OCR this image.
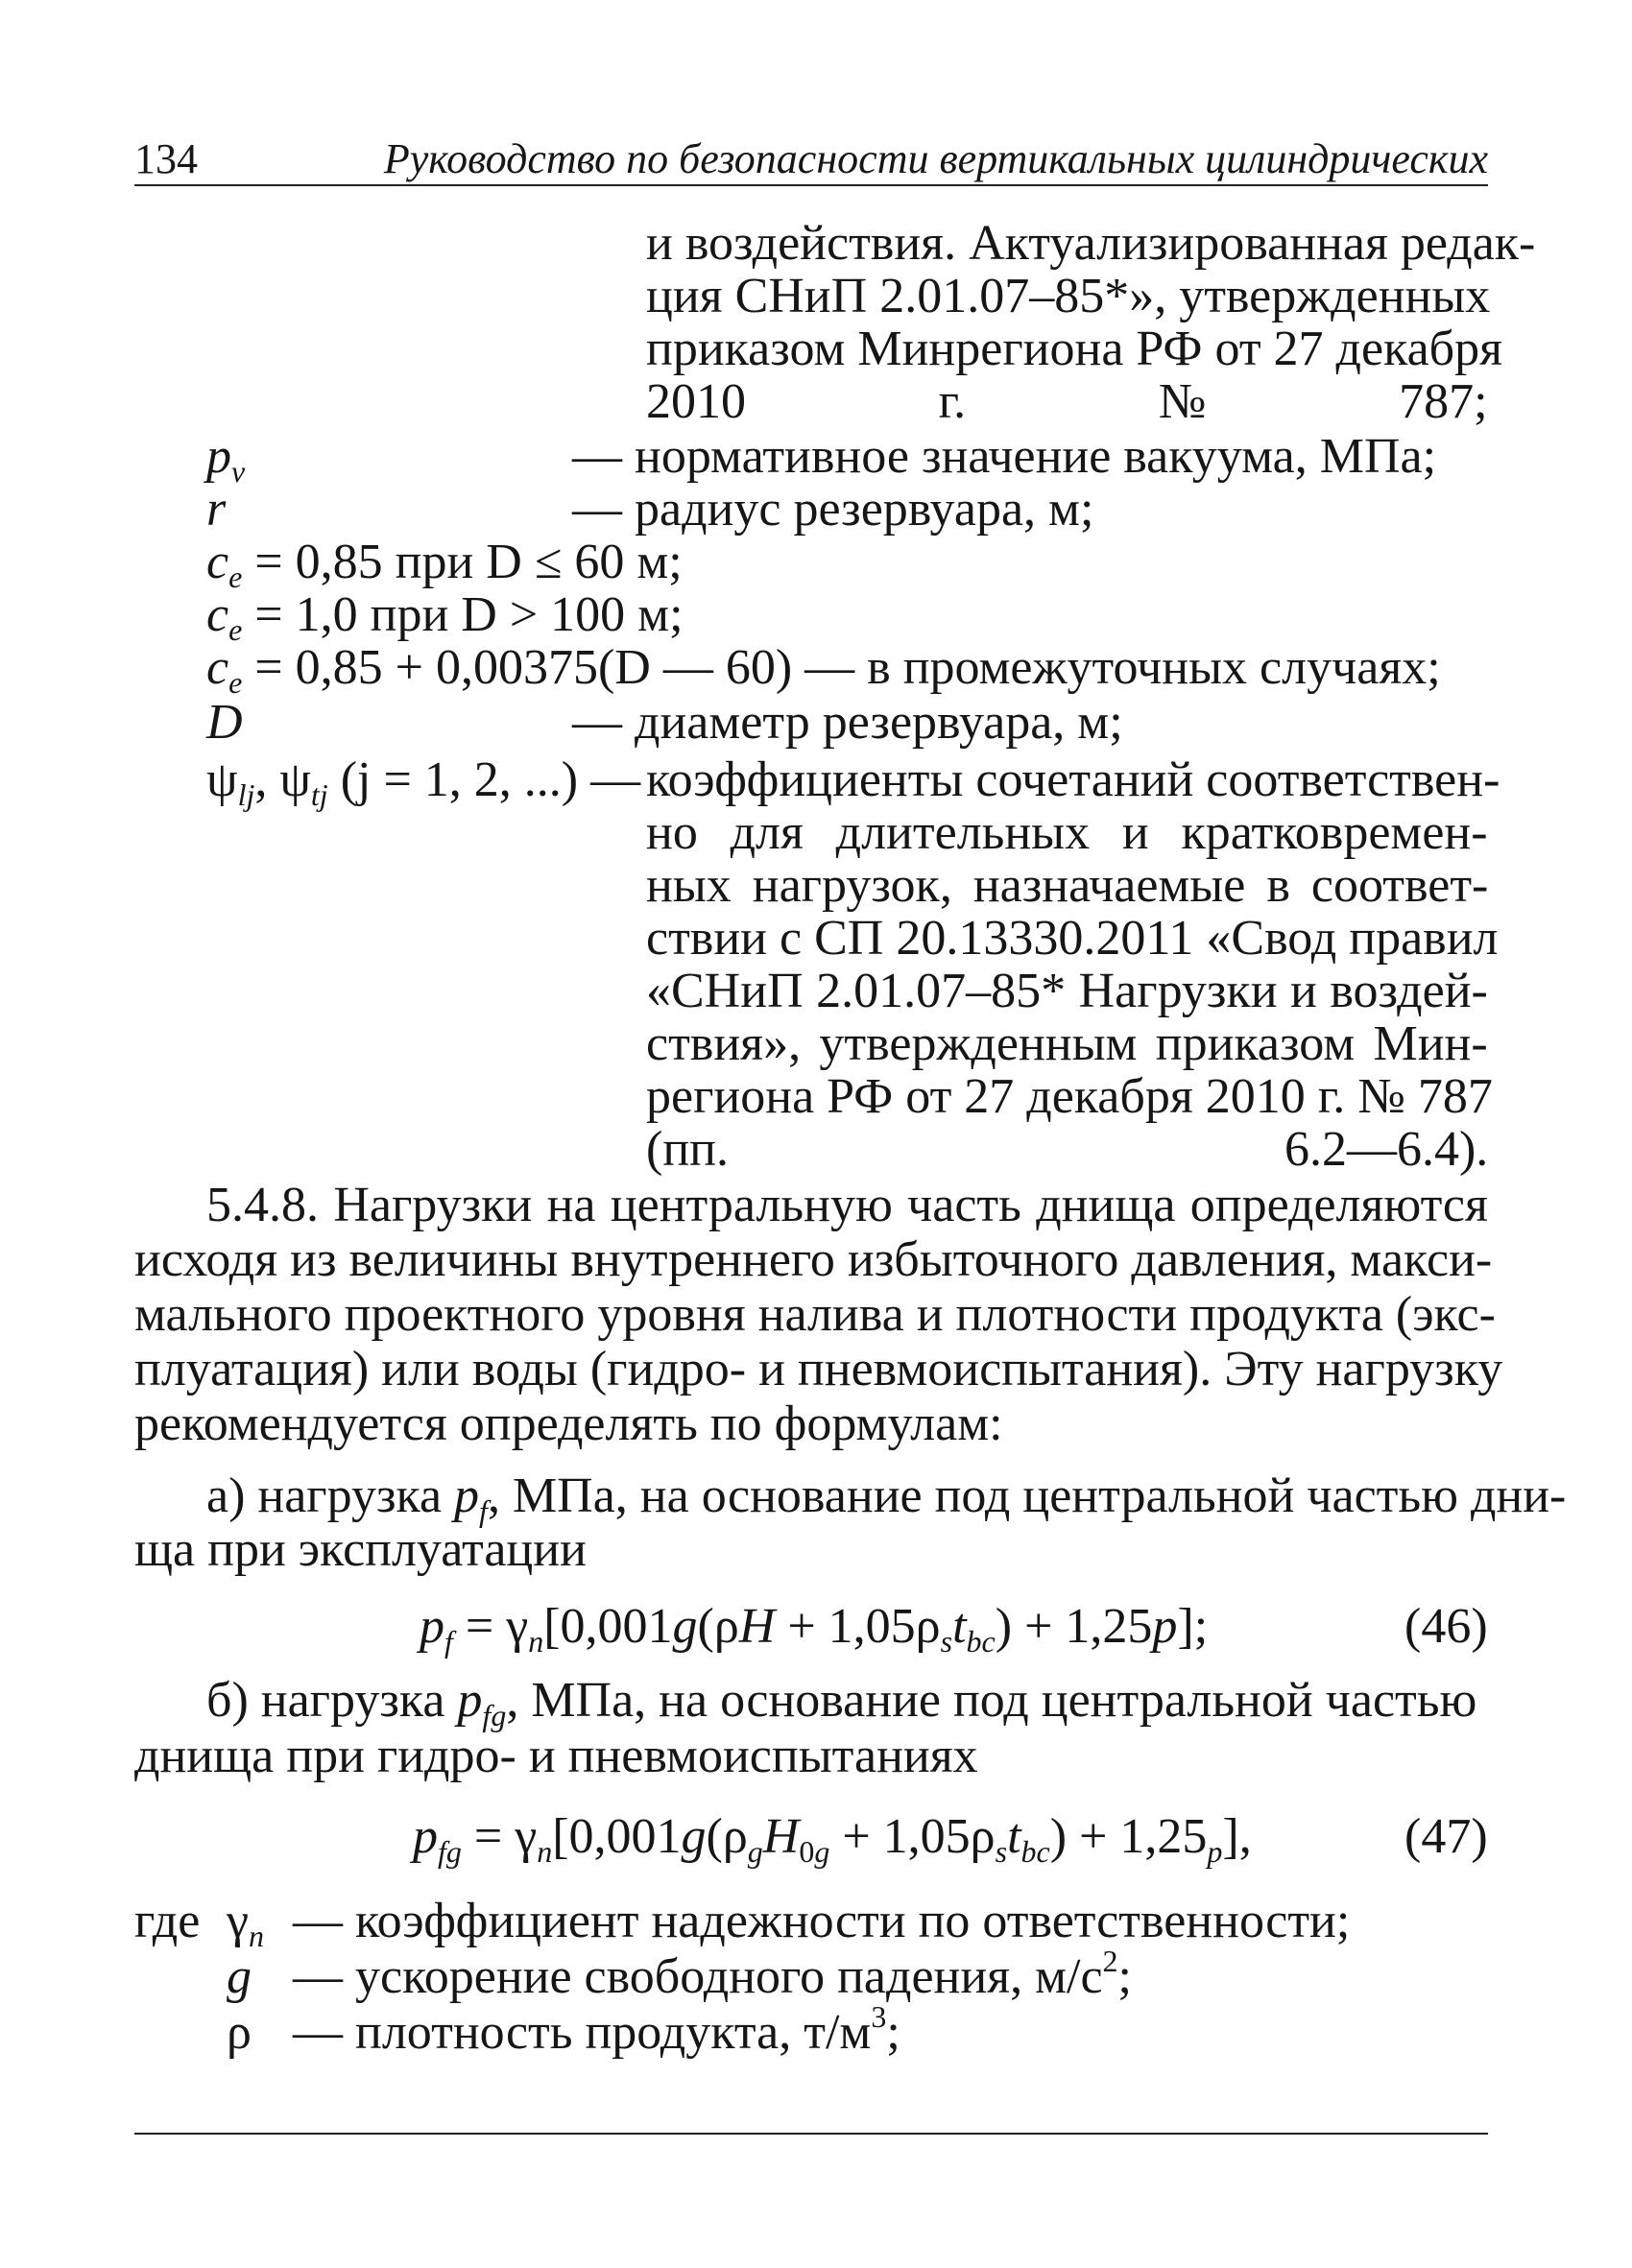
134	Руководство по безопасности вертикальных цилиндрических
и воздействия. Актуализированная редак-
ция СНиП 2.01.07–85*», утвержденных
приказом Минрегиона РФ от 27 декабря
2010 г. № 787;
$p_v$	— нормативное значение вакуума, МПа;
r	— радиус резервуара, м;
$c_e = 0,85$ при D ≤ 60 м;
$c_e = 1,0$ при D > 100 м;
$c_e = 0,85 + 0,00375(D$ — 60) — в промежуточных случаях;
D	— диаметр резервуара, м;
$\psi_{lj}$, $\psi_{tj}$ (j = 1, 2, ...) — коэффициенты сочетаний соответствен-
но для длительных и кратковремен-
ных нагрузок, назначаемые в соответ-
ствии с СП 20.13330.2011 «Свод правил
«СНиП 2.01.07–85* Нагрузки и воздей-
ствия», утвержденным приказом Мин-
региона РФ от 27 декабря 2010 г. № 787
(пп. 6.2—6.4).
5.4.8. Нагрузки на центральную часть днища определяются
исходя из величины внутреннего избыточного давления, макси-
мального проектного уровня налива и плотности продукта (экс-
плуатация) или воды (гидро- и пневмоиспытания). Эту нагрузку
рекомендуется определять по формулам:
а) нагрузка $p_f$, МПа, на основание под центральной частью дни-
ща при эксплуатации
$p_f = \gamma_n[0,001g(\rho H + 1,05\rho_st_{bc}) + 1,25p]$;	(46)
б) нагрузка $p_{fg}$, МПа, на основание под центральной частью
днища при гидро- и пневмоиспытаниях
$p_{fg} = \gamma_n[0,001g(\rho_gH_{0g} + 1,05\rho_st_{bc}) + 1,25_p]$,	(47)
где $\gamma_n$ — коэффициент надежности по ответственности;
g — ускорение свободного падения, $м/с^2$;
ρ — плотность продукта, $т/м^3$;
